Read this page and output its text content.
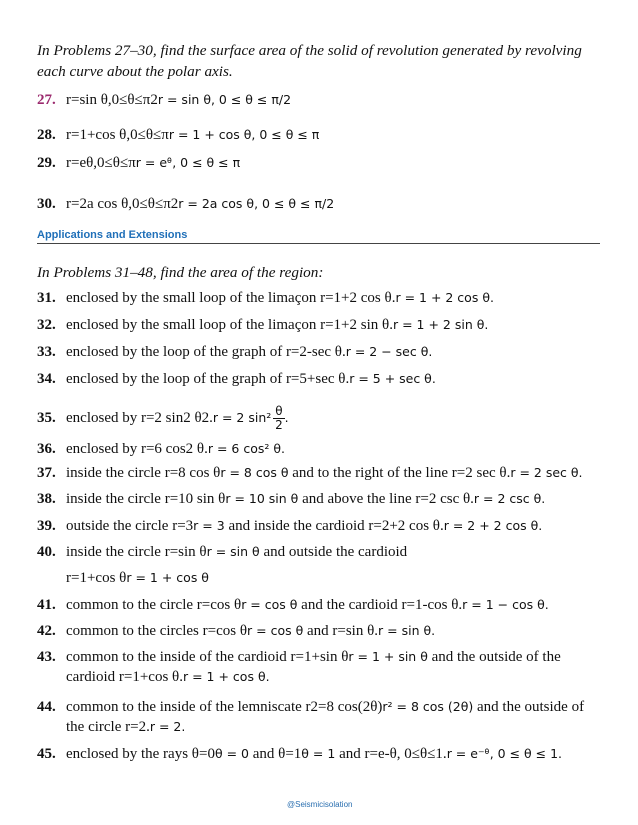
In Problems 27–30, find the surface area of the solid of revolution generated by revolving each curve about the polar axis.

27. r=sin θ,0≤θ≤π2r = sin θ, 0 ≤ θ ≤ π/2
28. r=1+cos θ,0≤θ≤πr = 1 + cos θ, 0 ≤ θ ≤ π
29. r=eθ,0≤θ≤πr = eᶿ, 0 ≤ θ ≤ π
30. r=2a cos θ,0≤θ≤π2r = 2a cos θ, 0 ≤ θ ≤ π/2
Applications and Extensions

In Problems 31–48, find the area of the region:

31. enclosed by the small loop of the limaçon r=1+2 cos θ.r = 1 + 2 cos θ.
32. enclosed by the small loop of the limaçon r=1+2 sin θ.r = 1 + 2 sin θ.
33. enclosed by the loop of the graph of r=2-sec θ.r = 2 − sec θ.
34. enclosed by the loop of the graph of r=5+sec θ.r = 5 + sec θ.
35. enclosed by r=2 sin2 θ2.r = 2 $\sin^2 \frac{\theta}{2}$ .
36. enclosed by r=6 cos2 θ.r = 6 cos² θ.
37. inside the circle r=8 cos θr = 8 cos θ and to the right of the line r=2 sec θ.r = 2 sec θ.
38. inside the circle r=10 sin θr = 10 sin θ and above the line r=2 csc θ.r = 2 csc θ.
39. outside the circle r=3r = 3 and inside the cardioid r=2+2 cos θ.r = 2 + 2 cos θ.
40. inside the circle r=sin θr = sin θ and outside the cardioid
r=1+cos θr = 1 + cos θ
41. common to the circle r=cos θr = cos θ and the cardioid r=1-cos θ.r = 1 − cos θ.
42. common to the circles r=cos θr = cos θ and r=sin θ.r = sin θ.
43. common to the inside of the cardioid r=1+sin θr = 1 + sin θ and the outside of the
cardioid r=1+cos θ.r = 1 + cos θ.
44. common to the inside of the lemniscate r2=8 cos(2θ)r² = 8 cos (2θ) and the outside of
the circle r=2.r = 2.
45. enclosed by the rays θ=0θ = 0 and θ=1θ = 1 and r=e-θ, 0≤θ≤1.r = e⁻ᶿ, 0 ≤ θ ≤ 1.
@Seismicisolation
